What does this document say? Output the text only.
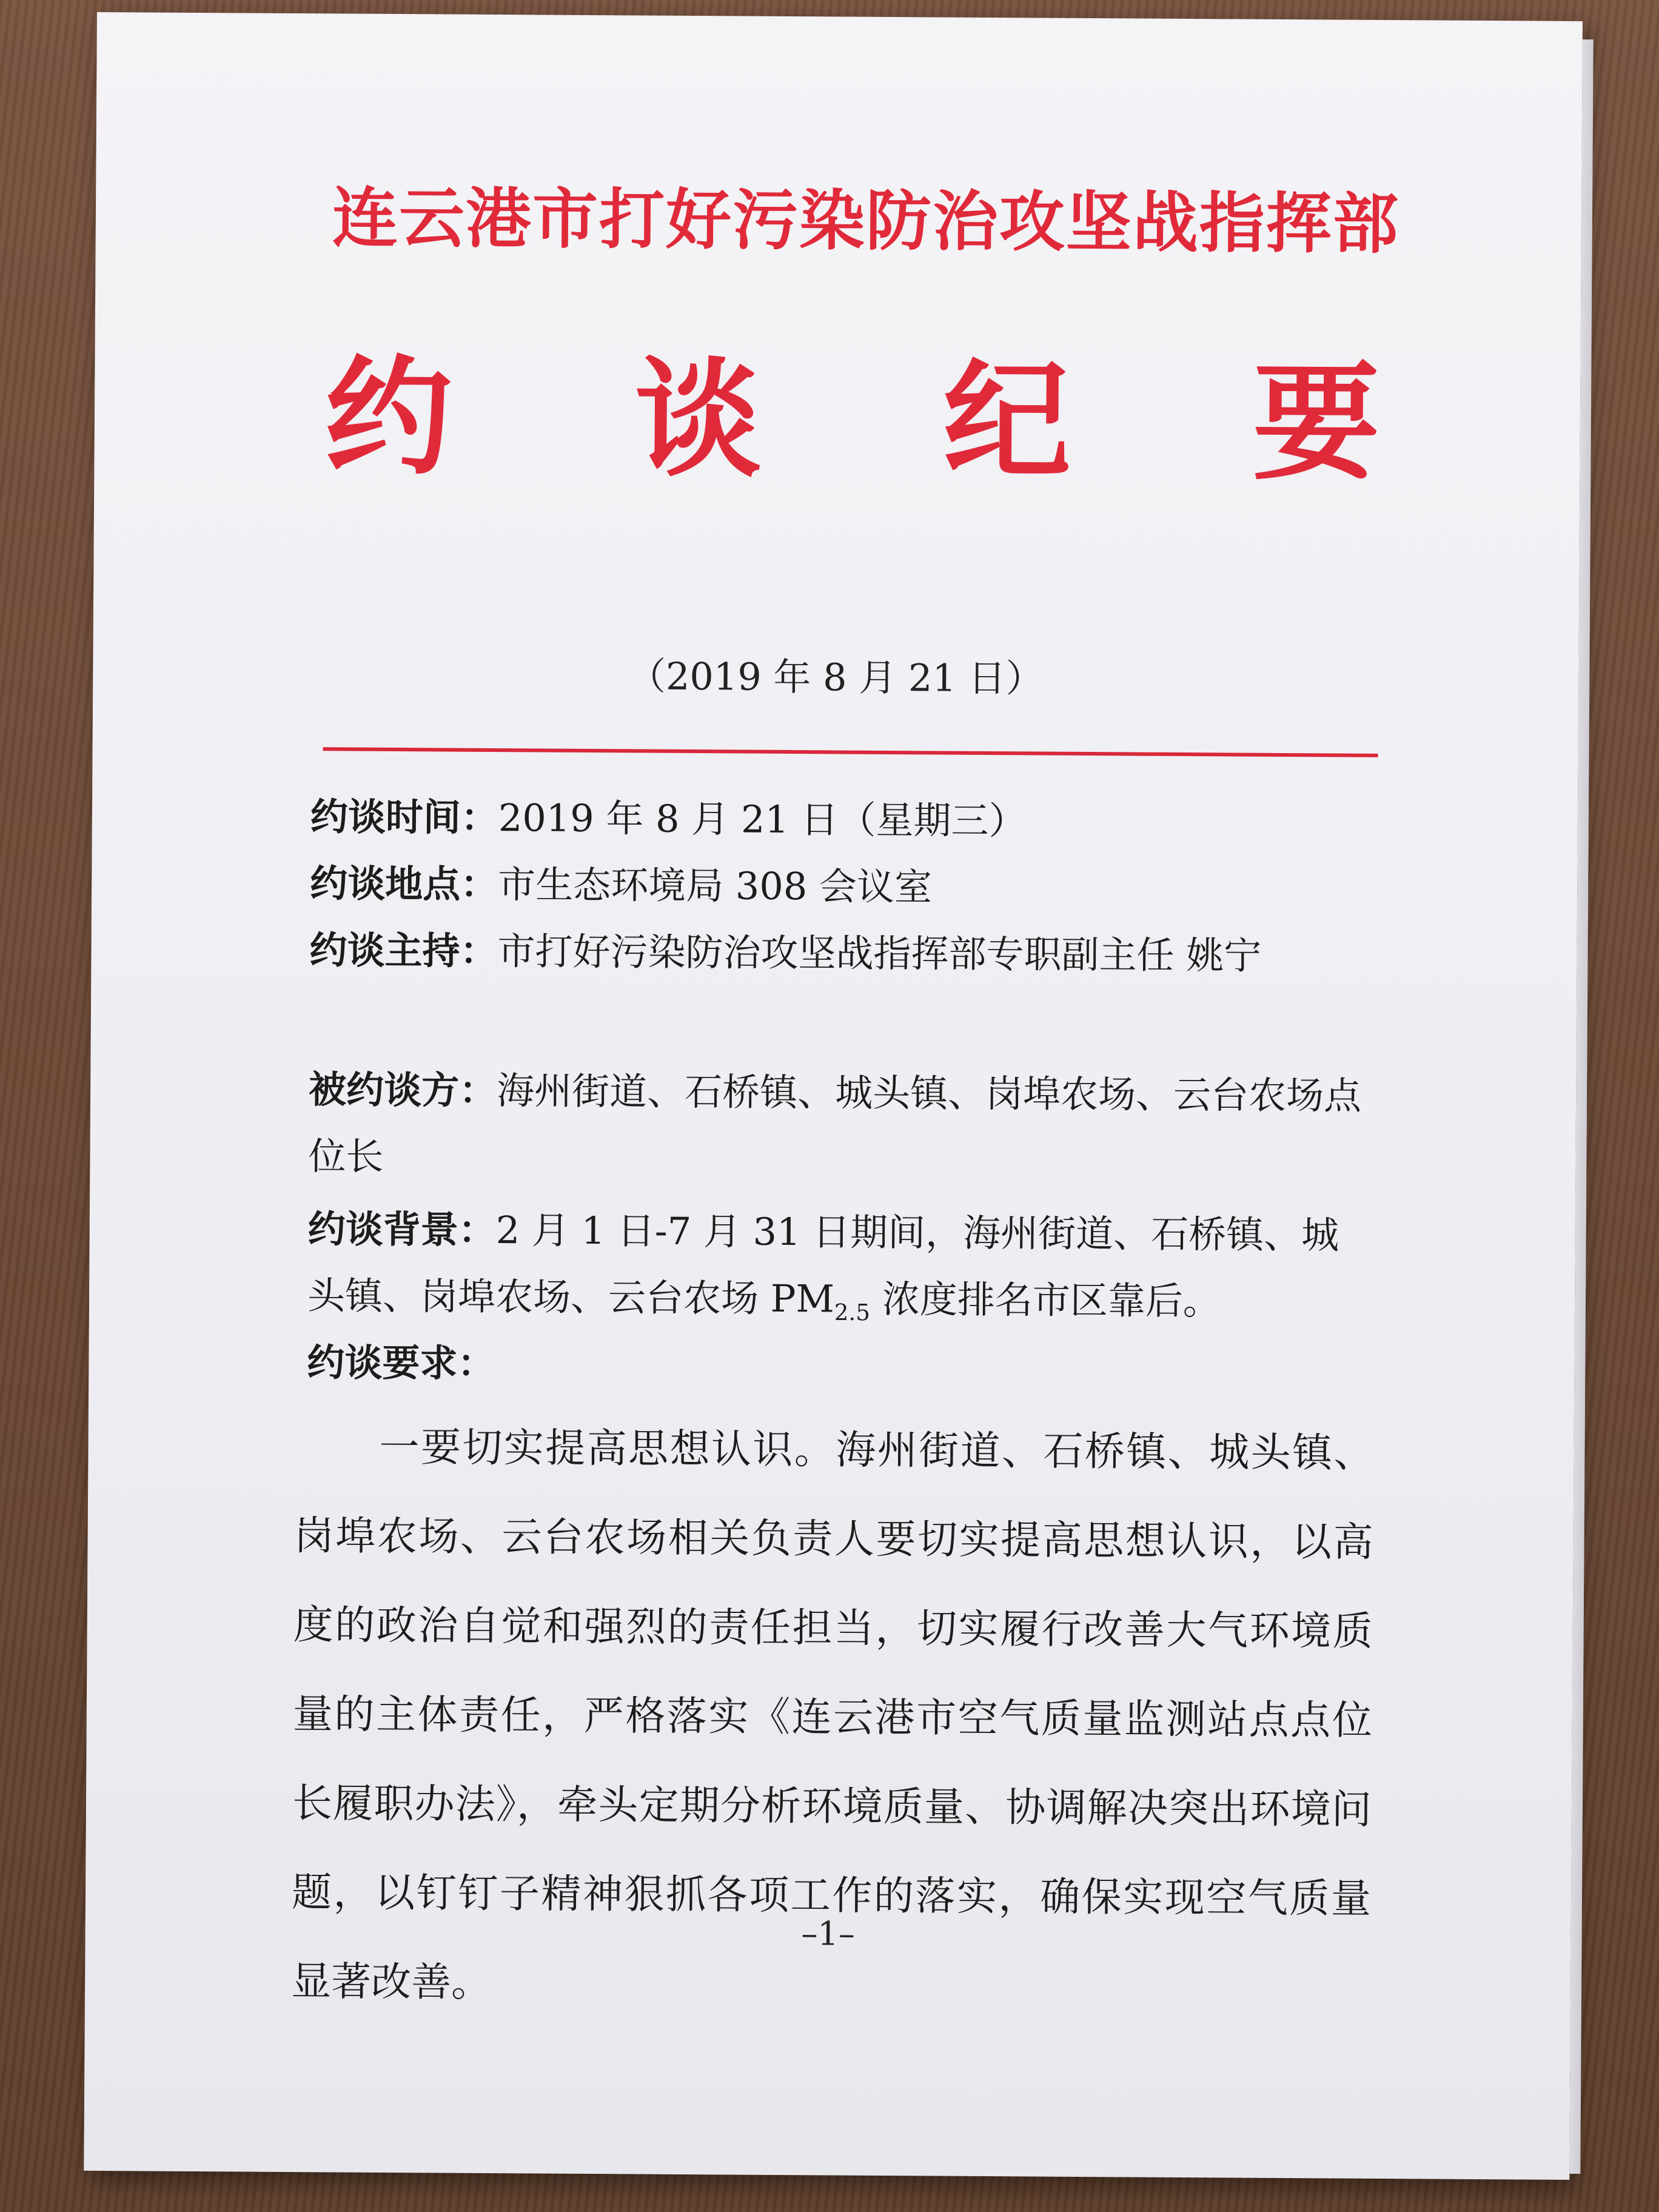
连云港市打好污染防治攻坚战指挥部
约 谈 纪 要
（2019 年 8 月 21 日）
约谈时间：2019 年 8 月 21 日（星期三）
约谈地点：市生态环境局 308 会议室
约谈主持：市打好污染防治攻坚战指挥部专职副主任 姚宁
被约谈方：海州街道、石桥镇、城头镇、岗埠农场、云台农场点位长
约谈背景：2 月 1 日-7 月 31 日期间，海州街道、石桥镇、城头镇、岗埠农场、云台农场 $PM_{2.5}$ 浓度排名市区靠后。
约谈要求：
一要切实提高思想认识。海州街道、石桥镇、城头镇、岗埠农场、云台农场相关负责人要切实提高思想认识，以高度的政治自觉和强烈的责任担当，切实履行改善大气环境质量的主体责任，严格落实《连云港市空气质量监测站点点位长履职办法》，牵头定期分析环境质量、协调解决突出环境问题，以钉钉子精神狠抓各项工作的落实，确保实现空气质量显著改善。
–1–
